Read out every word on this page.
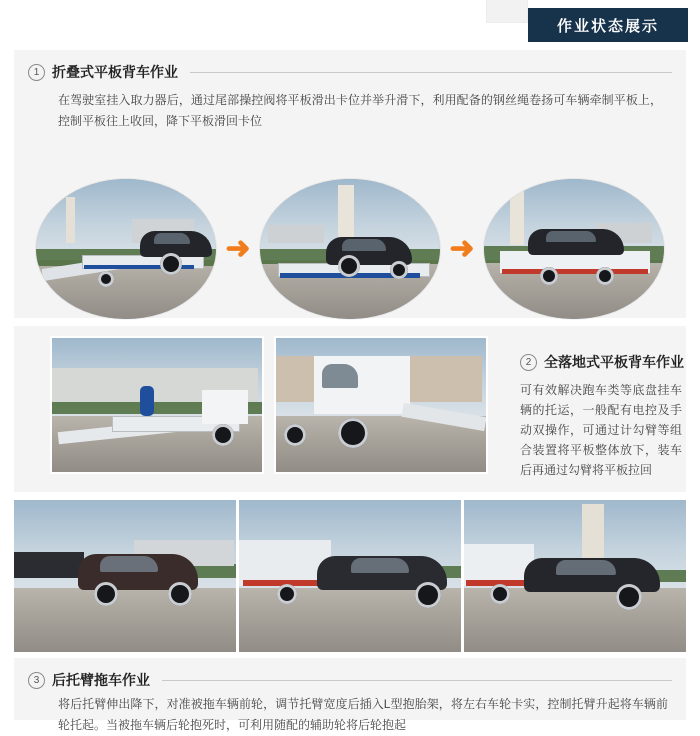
作业状态展示
1 折叠式平板背车作业
在驾驶室挂入取力器后，通过尾部操控阀将平板滑出卡位并举升滑下，利用配备的钢丝绳卷扬可车辆牵制平板上，控制平板往上收回，降下平板滑回卡位
➜	➜
2 全落地式平板背车作业
可有效解决跑车类等底盘挂车辆的托运，一般配有电控及手动双操作，可通过计勾臂等组合装置将平板整体放下，装车后再通过勾臂将平板拉回
3 后托臂拖车作业
将后托臂伸出降下，对准被拖车辆前轮，调节托臂宽度后插入L型抱胎架，将左右车轮卡实，控制托臂升起将车辆前轮托起。当被拖车辆后轮抱死时，可利用随配的辅助轮将后轮抱起
